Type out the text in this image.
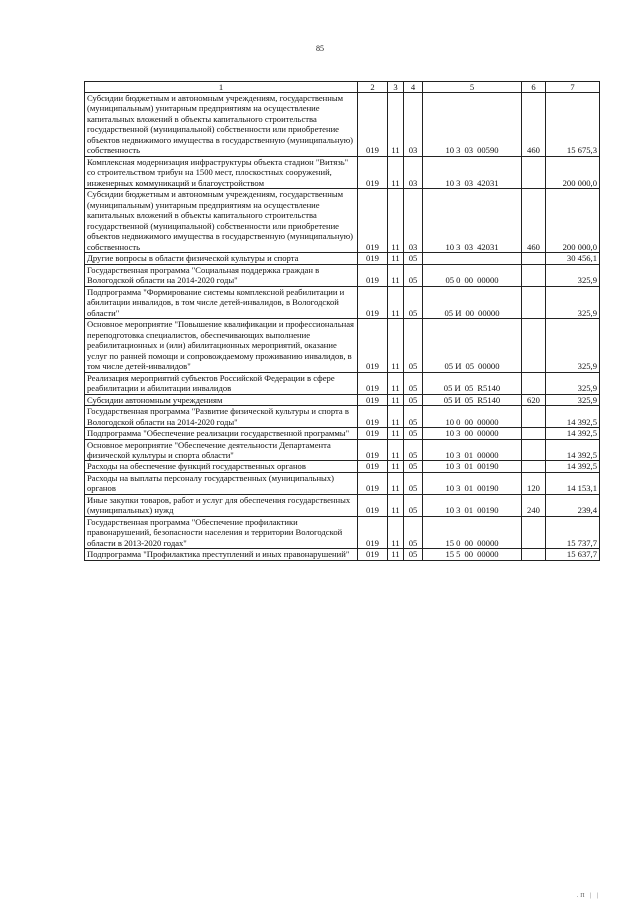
85
1	2	3	4	5	6	7
Субсидии бюджетным и автономным учреждениям, государственным (муниципальным) унитарным предприятиям на осуществление капитальных вложений в объекты капитального строительства государственной (муниципальной) собственности или приобретение объектов недвижимого имущества в государственную (муниципальную) собственность	019	11	03	10 3 03 00590	460	15 675,3
Комплексная модернизация инфраструктуры объекта стадион "Витязь" со строительством трибун на 1500 мест, плоскостных сооружений, инженерных коммуникаций и благоустройством	019	11	03	10 3 03 42031		200 000,0
Субсидии бюджетным и автономным учреждениям, государственным (муниципальным) унитарным предприятиям на осуществление капитальных вложений в объекты капитального строительства государственной (муниципальной) собственности или приобретение объектов недвижимого имущества в государственную (муниципальную) собственность	019	11	03	10 3 03 42031	460	200 000,0
Другие вопросы в области физической культуры и спорта	019	11	05			30 456,1
Государственная программа "Социальная поддержка граждан в Вологодской области на 2014-2020 годы"	019	11	05	05 0 00 00000		325,9
Подпрограмма "Формирование системы комплексной реабилитации и абилитации инвалидов, в том числе детей-инвалидов, в Вологодской области"	019	11	05	05 И 00 00000		325,9
Основное мероприятие "Повышение квалификации и профессиональная переподготовка специалистов, обеспечивающих выполнение реабилитационных и (или) абилитационных мероприятий, оказание услуг по ранней помощи и сопровождаемому проживанию инвалидов, в том числе детей-инвалидов"	019	11	05	05 И 05 00000		325,9
Реализация мероприятий субъектов Российской Федерации в сфере реабилитации и абилитации инвалидов	019	11	05	05 И 05 R5140		325,9
Субсидии автономным учреждениям	019	11	05	05 И 05 R5140	620	325,9
Государственная программа "Развитие физической культуры и спорта в Вологодской области на 2014-2020 годы"	019	11	05	10 0 00 00000		14 392,5
Подпрограмма "Обеспечение реализации государственной программы"	019	11	05	10 3 00 00000		14 392,5
Основное мероприятие "Обеспечение деятельности Департамента физической культуры и спорта области"	019	11	05	10 3 01 00000		14 392,5
Расходы на обеспечение функций государственных органов	019	11	05	10 3 01 00190		14 392,5
Расходы на выплаты персоналу государственных (муниципальных) органов	019	11	05	10 3 01 00190	120	14 153,1
Иные закупки товаров, работ и услуг для обеспечения государственных (муниципальных) нужд	019	11	05	10 3 01 00190	240	239,4
Государственная программа "Обеспечение профилактики правонарушений, безопасности населения и территории Вологодской области в 2013-2020 годах"	019	11	05	15 0 00 00000		15 737,7
Подпрограмма "Профилактика преступлений и иных правонарушений"	019	11	05	15 5 00 00000		15 637,7
.П | |
